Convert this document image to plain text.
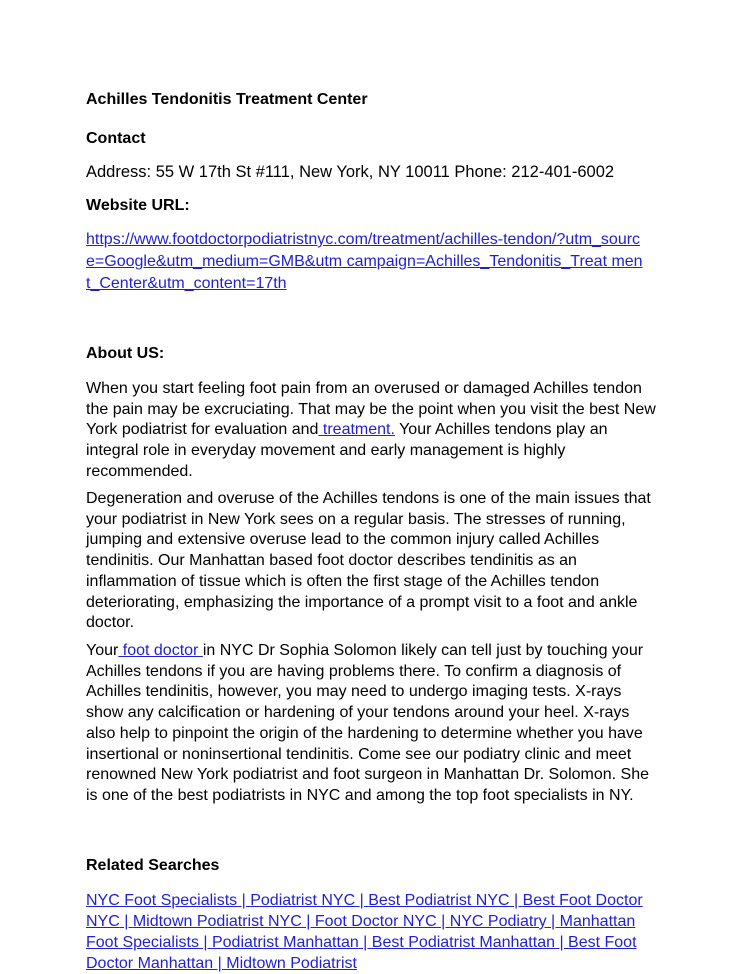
Achilles Tendonitis Treatment Center
Contact
Address: 55 W 17th St #111, New York, NY 10011 Phone: 212-401-6002
Website URL:
https://www.footdoctorpodiatristnyc.com/treatment/achilles-tendon/?utm_source=Google&utm_medium=GMB&utm campaign=Achilles_Tendonitis_Treat ment_Center&utm_content=17th
About US:
When you start feeling foot pain from an overused or damaged Achilles tendon the pain may be excruciating. That may be the point when you visit the best New York podiatrist for evaluation and treatment. Your Achilles tendons play an integral role in everyday movement and early management is highly recommended.
Degeneration and overuse of the Achilles tendons is one of the main issues that your podiatrist in New York sees on a regular basis. The stresses of running, jumping and extensive overuse lead to the common injury called Achilles tendinitis. Our Manhattan based foot doctor describes tendinitis as an inflammation of tissue which is often the first stage of the Achilles tendon deteriorating, emphasizing the importance of a prompt visit to a foot and ankle doctor.
Your foot doctor in NYC Dr Sophia Solomon likely can tell just by touching your Achilles tendons if you are having problems there. To confirm a diagnosis of Achilles tendinitis, however, you may need to undergo imaging tests. X-rays show any calcification or hardening of your tendons around your heel. X-rays also help to pinpoint the origin of the hardening to determine whether you have insertional or noninsertional tendinitis. Come see our podiatry clinic and meet renowned New York podiatrist and foot surgeon in Manhattan Dr. Solomon. She is one of the best podiatrists in NYC and among the top foot specialists in NY.
Related Searches
NYC Foot Specialists | Podiatrist NYC | Best Podiatrist NYC | Best Foot Doctor NYC | Midtown Podiatrist NYC | Foot Doctor NYC | NYC Podiatry | Manhattan Foot Specialists | Podiatrist Manhattan | Best Podiatrist Manhattan | Best Foot Doctor Manhattan | Midtown Podiatrist
